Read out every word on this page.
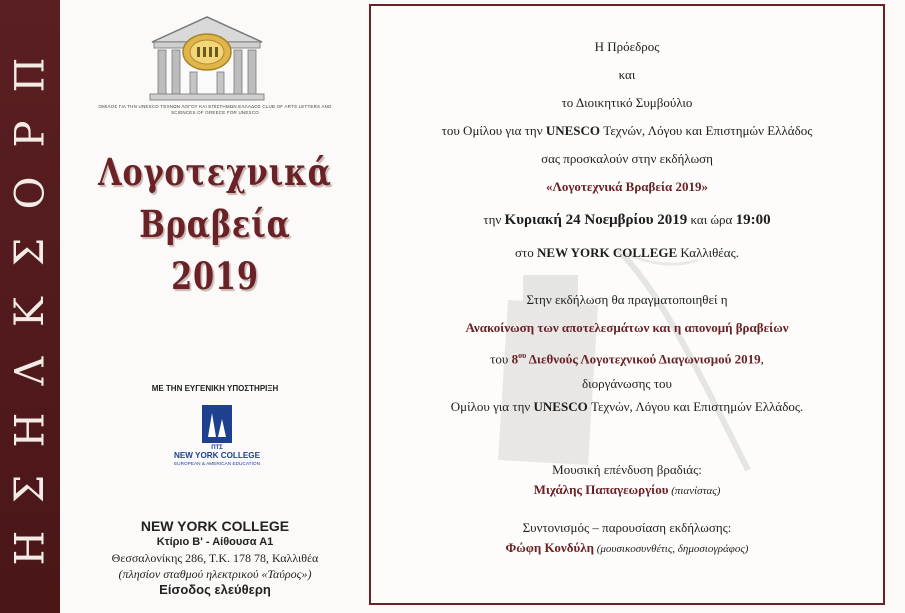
Π
Ρ
Ο
Σ
Κ
Λ
Η
Σ
Η
ΟΜΙΛΟΣ ΓΙΑ ΤΗΝ UNESCO ΤΕΧΝΩΝ ΛΟΓΟΥ ΚΑΙ ΕΠΙΣΤΗΜΩΝ ΕΛΛΑΔΟΣ CLUB OF ARTS LETTERS AND SCIENCES OF GREECE FOR UNESCO
Λογοτεχνικά
Βραβεία
2019
ΜΕ ΤΗΝ ΕΥΓΕΝΙΚΗ ΥΠΟΣΤΗΡΙΞΗ
ΠΤΣ
NEW YORK COLLEGE
EUROPEAN & AMERICAN EDUCATION
NEW YORK COLLEGE
Κτίριο Β' - Αίθουσα Α1
Θεσσαλονίκης 286, Τ.Κ. 178 78, Καλλιθέα
(πλησίον σταθμού ηλεκτρικού «Ταύρος»)
Είσοδος ελεύθερη
Η Πρόεδρος
και
το Διοικητικό Συμβούλιο
του Ομίλου για την UNESCO Τεχνών, Λόγου και Επιστημών Ελλάδος
σας προσκαλούν στην εκδήλωση
«Λογοτεχνικά Βραβεία 2019»
την Κυριακή 24 Νοεμβρίου 2019 και ώρα 19:00
στο NEW YORK COLLEGE Καλλιθέας.
Στην εκδήλωση θα πραγματοποιηθεί η
Ανακοίνωση των αποτελεσμάτων και η απονομή βραβείων
του $8^{o\upsilon}$ Διεθνούς Λογοτεχνικού Διαγωνισμού 2019,
διοργάνωσης του
Ομίλου για την UNESCO Τεχνών, Λόγου και Επιστημών Ελλάδος.
Μουσική επένδυση βραδιάς:
Μιχάλης Παπαγεωργίου (πιανίστας)
Συντονισμός – παρουσίαση εκδήλωσης:
Φώφη Κονδύλη (μουσικοσυνθέτις, δημοσιογράφος)
